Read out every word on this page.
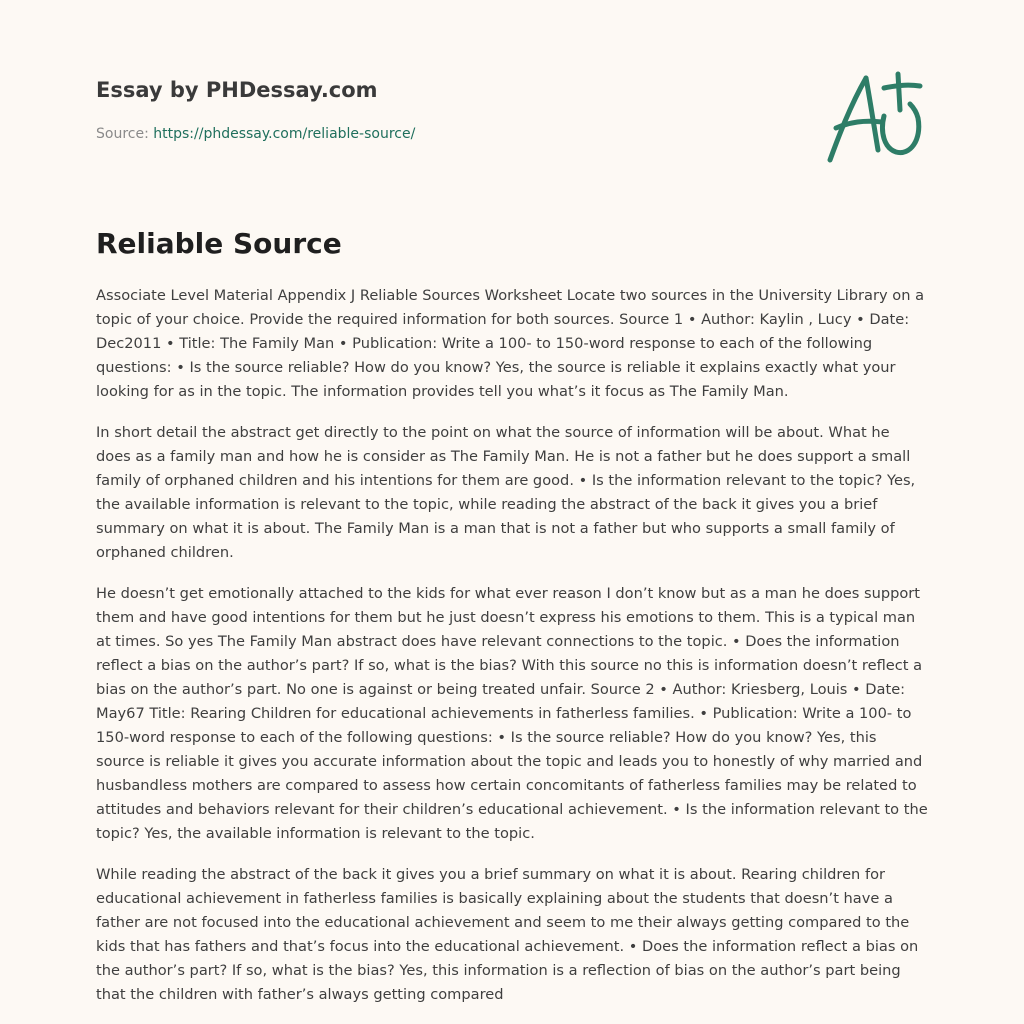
Essay by PHDessay.com
Source: https://phdessay.com/reliable-source/
Reliable Source

Associate Level Material Appendix J Reliable Sources Worksheet Locate two sources in the University Library on a topic of your choice. Provide the required information for both sources. Source 1 • Author: Kaylin , Lucy • Date: Dec2011 • Title: The Family Man • Publication: Write a 100- to 150-word response to each of the following questions: • Is the source reliable? How do you know? Yes, the source is reliable it explains exactly what your looking for as in the topic. The information provides tell you what’s it focus as The Family Man.

In short detail the abstract get directly to the point on what the source of information will be about. What he does as a family man and how he is consider as The Family Man. He is not a father but he does support a small family of orphaned children and his intentions for them are good. • Is the information relevant to the topic? Yes, the available information is relevant to the topic, while reading the abstract of the back it gives you a brief summary on what it is about. The Family Man is a man that is not a father but who supports a small family of orphaned children.

He doesn’t get emotionally attached to the kids for what ever reason I don’t know but as a man he does support them and have good intentions for them but he just doesn’t express his emotions to them. This is a typical man at times. So yes The Family Man abstract does have relevant connections to the topic. • Does the information reflect a bias on the author’s part? If so, what is the bias? With this source no this is information doesn’t reflect a bias on the author’s part. No one is against or being treated unfair. Source 2 • Author: Kriesberg, Louis • Date: May67 Title: Rearing Children for educational achievements in fatherless families. • Publication: Write a 100- to 150-word response to each of the following questions: • Is the source reliable? How do you know? Yes, this source is reliable it gives you accurate information about the topic and leads you to honestly of why married and husbandless mothers are compared to assess how certain concomitants of fatherless families may be related to attitudes and behaviors relevant for their children’s educational achievement. • Is the information relevant to the topic? Yes, the available information is relevant to the topic.

While reading the abstract of the back it gives you a brief summary on what it is about. Rearing children for educational achievement in fatherless families is basically explaining about the students that doesn’t have a father are not focused into the educational achievement and seem to me their always getting compared to the kids that has fathers and that’s focus into the educational achievement. • Does the information reflect a bias on the author’s part? If so, what is the bias? Yes, this information is a reflection of bias on the author’s part being that the children with father’s always getting compared
